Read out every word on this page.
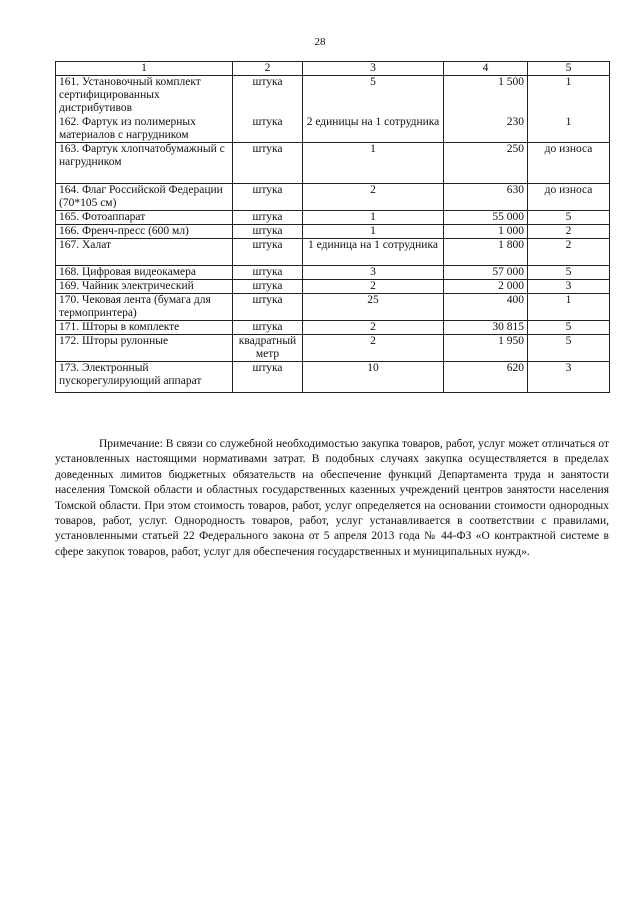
28
1	2	3	4	5
161. Установочный комплект сертифицированных дистрибутивов	штука	5	1 500	1
162. Фартук из полимерных материалов с нагрудником	штука	2 единицы на 1 сотрудника	230	1
163. Фартук хлопчатобумажный с нагрудником	штука	1	250	до износа
164. Флаг Российской Федерации (70*105 см)	штука	2	630	до износа
165. Фотоаппарат	штука	1	55 000	5
166. Френч-пресс (600 мл)	штука	1	1 000	2
167. Халат	штука	1 единица на 1 сотрудника	1 800	2
168. Цифровая видеокамера	штука	3	57 000	5
169. Чайник электрический	штука	2	2 000	3
170. Чековая лента (бумага для термопринтера)	штука	25	400	1
171. Шторы в комплекте	штука	2	30 815	5
172. Шторы рулонные	квадратный метр	2	1 950	5
173. Электронный пускорегулирующий аппарат	штука	10	620	3

Примечание: В связи со служебной необходимостью закупка товаров, работ, услуг может отличаться от установленных настоящими нормативами затрат. В подобных случаях закупка осуществляется в пределах доведенных лимитов бюджетных обязательств на обеспечение функций Департамента труда и занятости населения Томской области и областных государственных казенных учреждений центров занятости населения Томской области. При этом стоимость товаров, работ, услуг определяется на основании стоимости однородных товаров, работ, услуг. Однородность товаров, работ, услуг устанавливается в соответствии с правилами, установленными статьей 22 Федерального закона от 5 апреля 2013 года № 44-ФЗ «О контрактной системе в сфере закупок товаров, работ, услуг для обеспечения государственных и муниципальных нужд».
